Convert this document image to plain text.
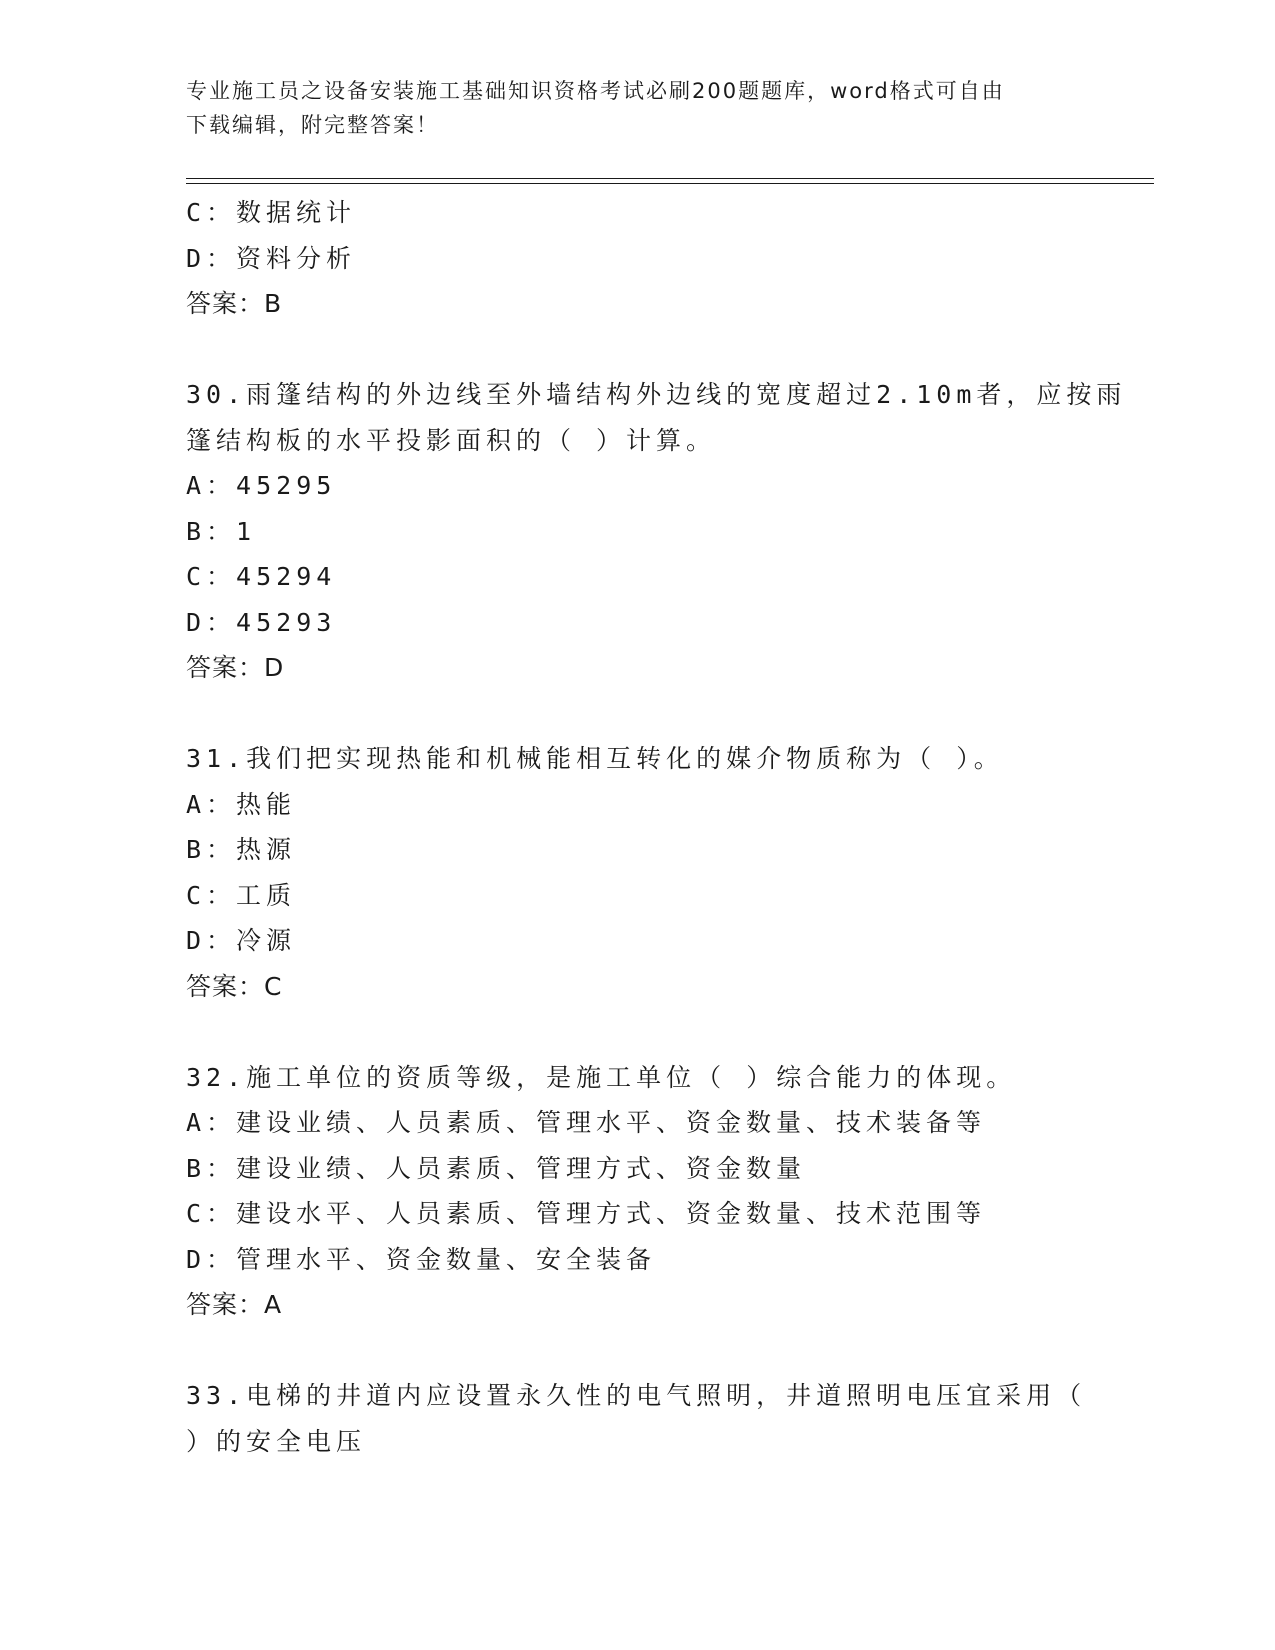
专业施工员之设备安装施工基础知识资格考试必刷200题题库，word格式可自由
下载编辑，附完整答案！
C：数据统计
D：资料分析
答案：B
30.雨篷结构的外边线至外墙结构外边线的宽度超过2.10m者，应按雨
篷结构板的水平投影面积的（ ）计算。
A：45295
B：1
C：45294
D：45293
答案：D
31.我们把实现热能和机械能相互转化的媒介物质称为（ ）。
A：热能
B：热源
C：工质
D：冷源
答案：C
32.施工单位的资质等级，是施工单位（ ）综合能力的体现。
A：建设业绩、人员素质、管理水平、资金数量、技术装备等
B：建设业绩、人员素质、管理方式、资金数量
C：建设水平、人员素质、管理方式、资金数量、技术范围等
D：管理水平、资金数量、安全装备
答案：A
33.电梯的井道内应设置永久性的电气照明，井道照明电压宜采用（
）的安全电压
